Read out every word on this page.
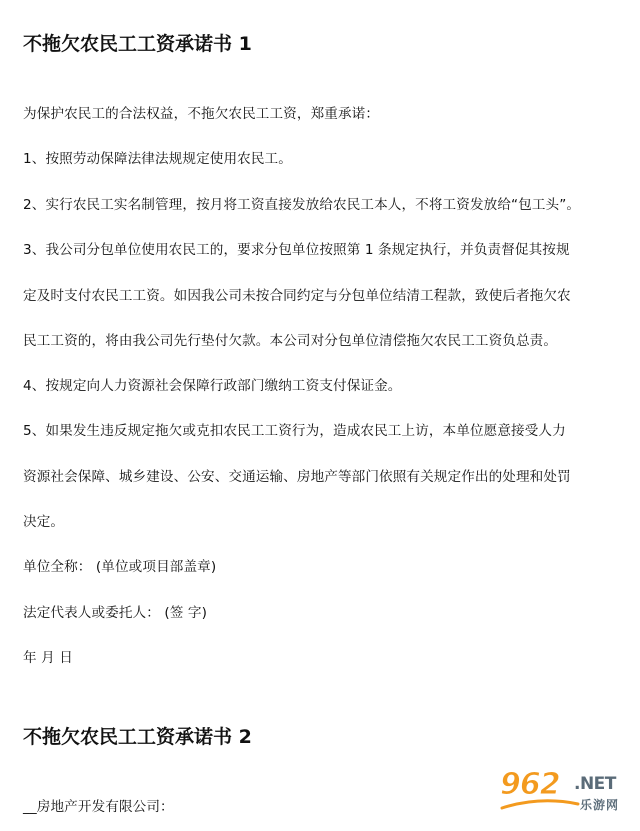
不拖欠农民工工资承诺书 1

为保护农民工的合法权益，不拖欠农民工工资，郑重承诺：

1、按照劳动保障法律法规规定使用农民工。

2、实行农民工实名制管理，按月将工资直接发放给农民工本人，不将工资发放给“包工头”。

3、我公司分包单位使用农民工的，要求分包单位按照第 1 条规定执行，并负责督促其按规
定及时支付农民工工资。如因我公司未按合同约定与分包单位结清工程款，致使后者拖欠农
民工工资的，将由我公司先行垫付欠款。本公司对分包单位清偿拖欠农民工工资负总责。

4、按规定向人力资源社会保障行政部门缴纳工资支付保证金。

5、如果发生违反规定拖欠或克扣农民工工资行为，造成农民工上访，本单位愿意接受人力
资源社会保障、城乡建设、公安、交通运输、房地产等部门依照有关规定作出的处理和处罚
决定。

单位全称： (单位或项目部盖章)

法定代表人或委托人： (签 字)

年 月 日

不拖欠农民工工资承诺书 2

__房地产开发有限公司：

962 .NET
乐游网
